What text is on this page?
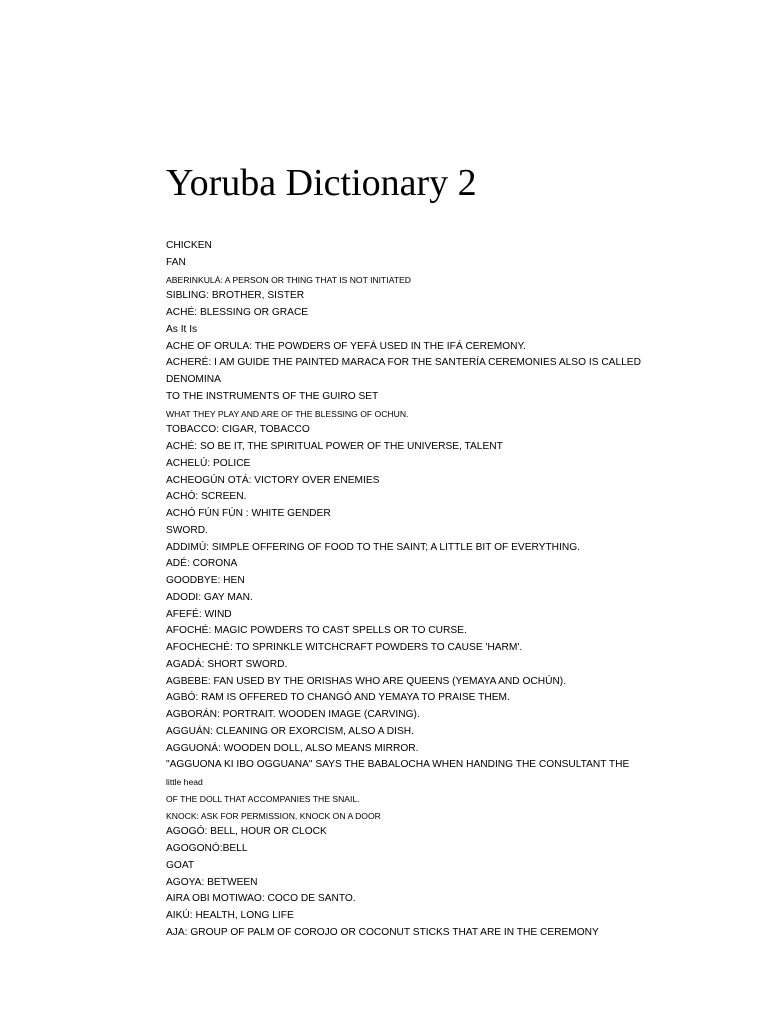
Yoruba Dictionary 2
CHICKEN
FAN
ABERINKULÁ: A PERSON OR THING THAT IS NOT INITIATED
SIBLING: BROTHER, SISTER
ACHÉ: BLESSING OR GRACE
As It Is
ACHE OF ORULA: THE POWDERS OF YEFÁ USED IN THE IFÁ CEREMONY.
ACHERÉ: I AM GUIDE THE PAINTED MARACA FOR THE SANTERÍA CEREMONIES ALSO IS CALLED
DENOMINA
TO THE INSTRUMENTS OF THE GUIRO SET
WHAT THEY PLAY AND ARE OF THE BLESSING OF OCHUN.
TOBACCO: CIGAR, TOBACCO
ACHÉ: SO BE IT, THE SPIRITUAL POWER OF THE UNIVERSE, TALENT
ACHELÚ: POLICE
ACHEOGÚN OTÁ: VICTORY OVER ENEMIES
ACHÓ: SCREEN.
ACHÓ FÚN FÚN : WHITE GENDER
SWORD.
ADDIMÚ: SIMPLE OFFERING OF FOOD TO THE SAINT; A LITTLE BIT OF EVERYTHING.
ADÉ: CORONA
GOODBYE: HEN
ADODI: GAY MAN.
AFEFÉ: WIND
AFOCHÉ: MAGIC POWDERS TO CAST SPELLS OR TO CURSE.
AFOCHECHÉ: TO SPRINKLE WITCHCRAFT POWDERS TO CAUSE 'HARM'.
AGADÁ: SHORT SWORD.
AGBEBE: FAN USED BY THE ORISHAS WHO ARE QUEENS (YEMAYA AND OCHÚN).
AGBÓ: RAM IS OFFERED TO CHANGÓ AND YEMAYA TO PRAISE THEM.
AGBORÁN: PORTRAIT. WOODEN IMAGE (CARVING).
AGGUÁN: CLEANING OR EXORCISM, ALSO A DISH.
AGGUONÁ: WOODEN DOLL, ALSO MEANS MIRROR.
"AGGUONA KI IBO OGGUANA" SAYS THE BABALOCHA WHEN HANDING THE CONSULTANT THE
little head
OF THE DOLL THAT ACCOMPANIES THE SNAIL.
KNOCK: ASK FOR PERMISSION, KNOCK ON A DOOR
AGOGÓ: BELL, HOUR OR CLOCK
AGOGONÓ:BELL
GOAT
AGOYA: BETWEEN
AIRA OBI MOTIWAO: COCO DE SANTO.
AIKÚ: HEALTH, LONG LIFE
AJA: GROUP OF PALM OF COROJO OR COCONUT STICKS THAT ARE IN THE CEREMONY
